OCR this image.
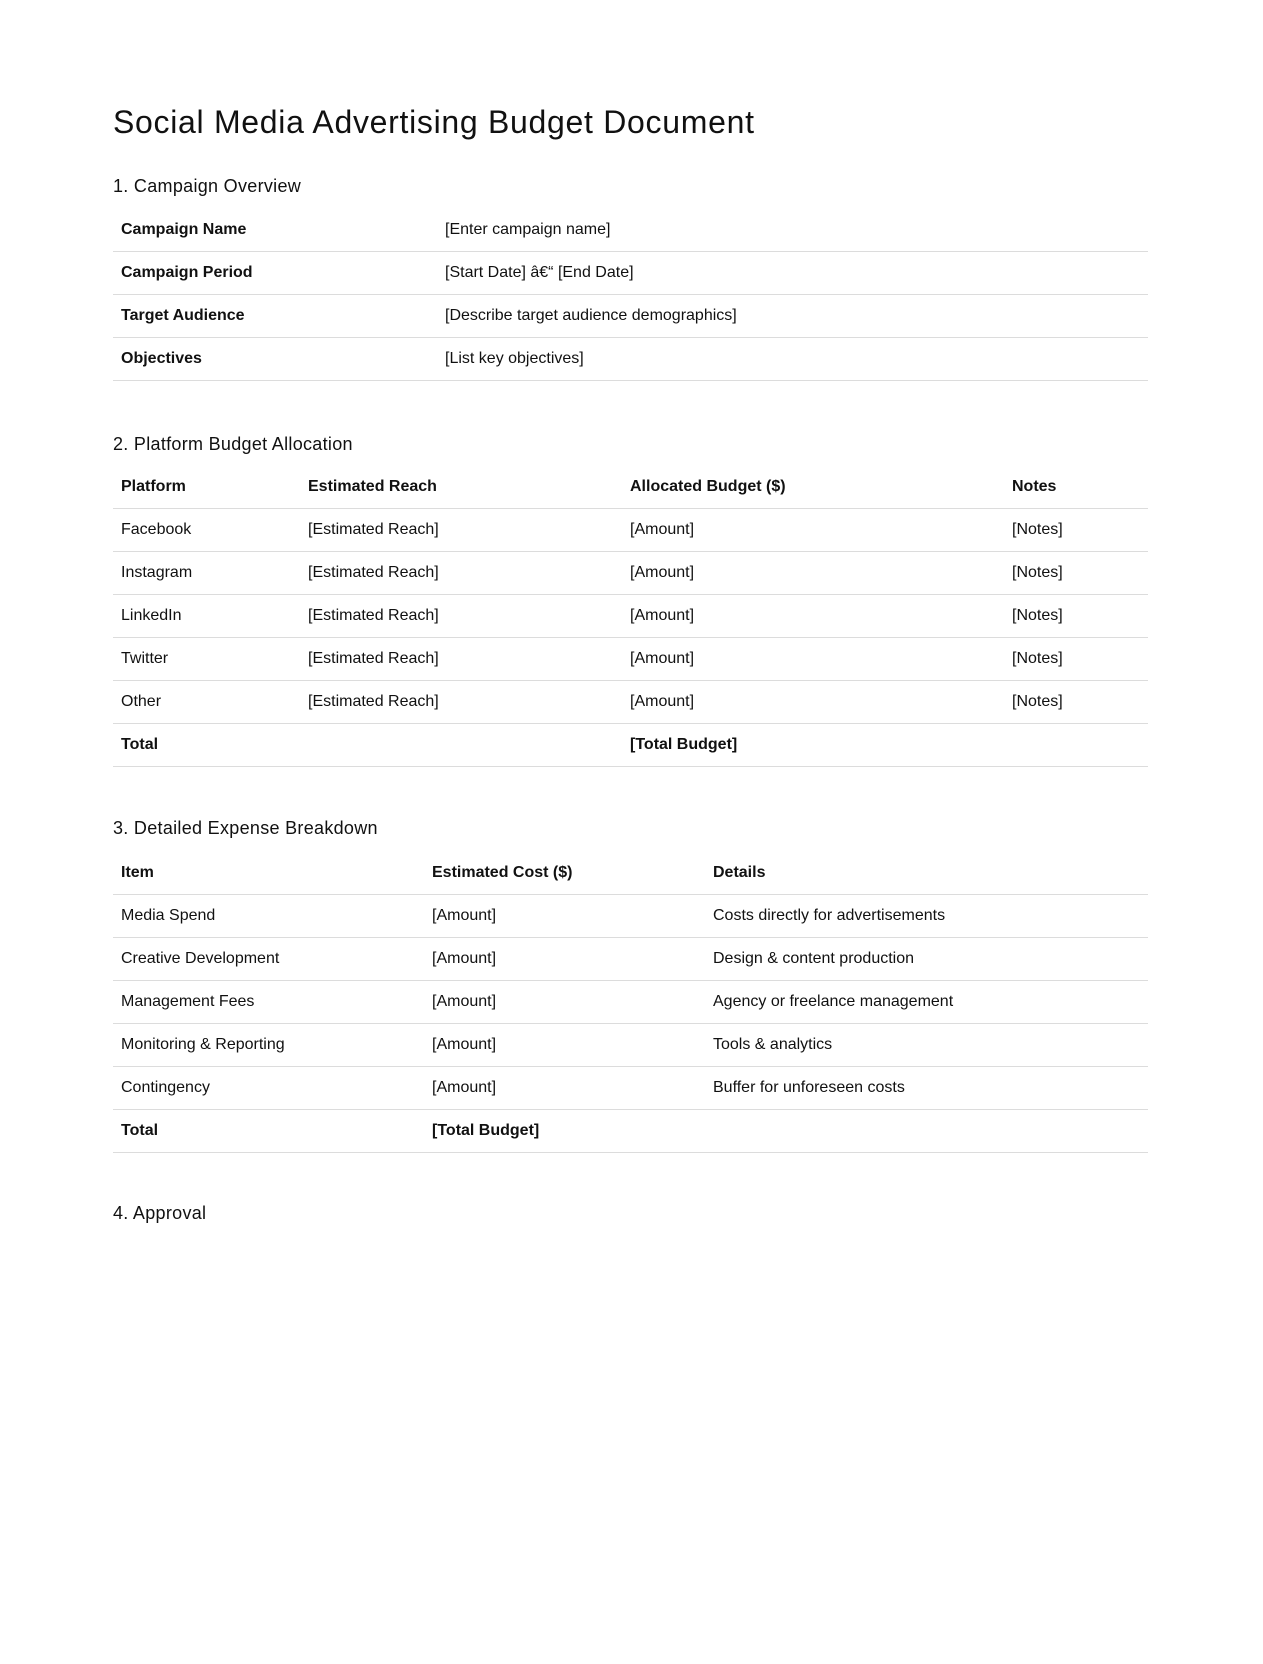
Social Media Advertising Budget Document
1. Campaign Overview
Campaign Name	[Enter campaign name]
Campaign Period	[Start Date] â€“ [End Date]
Target Audience	[Describe target audience demographics]
Objectives	[List key objectives]
2. Platform Budget Allocation
Platform	Estimated Reach	Allocated Budget ($)	Notes
Facebook	[Estimated Reach]	[Amount]	[Notes]
Instagram	[Estimated Reach]	[Amount]	[Notes]
LinkedIn	[Estimated Reach]	[Amount]	[Notes]
Twitter	[Estimated Reach]	[Amount]	[Notes]
Other	[Estimated Reach]	[Amount]	[Notes]
Total		[Total Budget]	
3. Detailed Expense Breakdown
Item	Estimated Cost ($)	Details
Media Spend	[Amount]	Costs directly for advertisements
Creative Development	[Amount]	Design & content production
Management Fees	[Amount]	Agency or freelance management
Monitoring & Reporting	[Amount]	Tools & analytics
Contingency	[Amount]	Buffer for unforeseen costs
Total	[Total Budget]	
4. Approval
